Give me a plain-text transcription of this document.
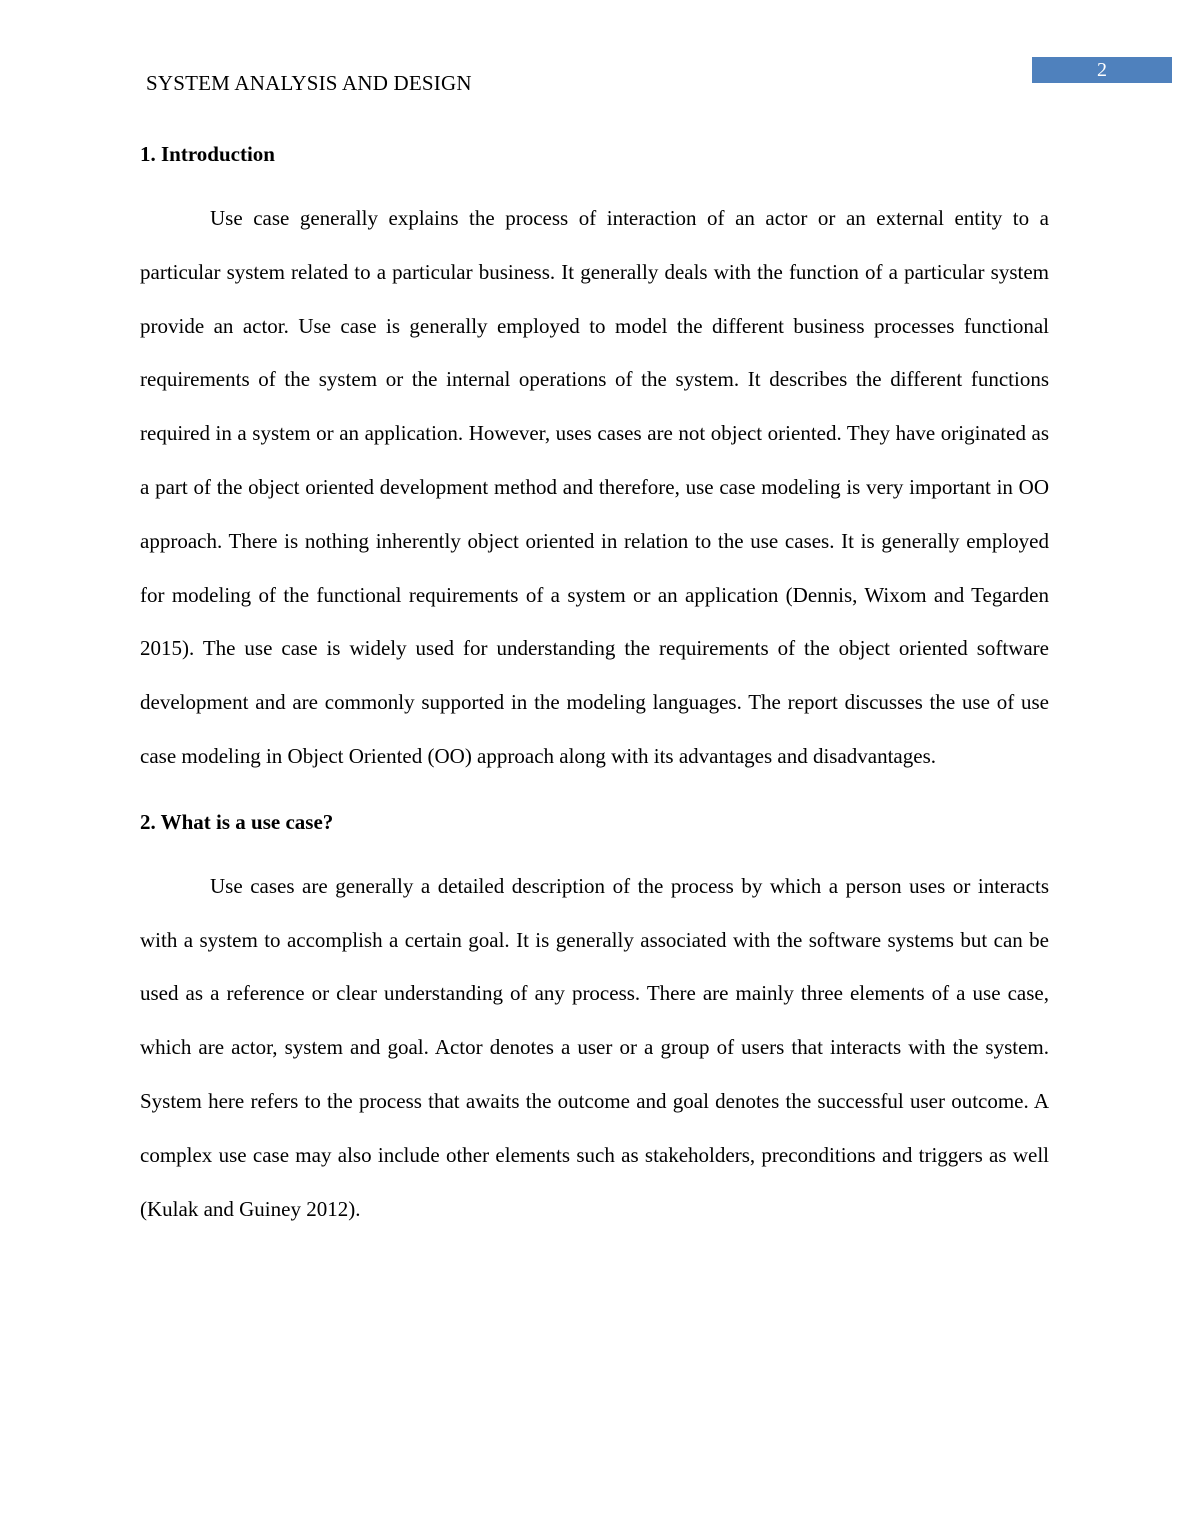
SYSTEM ANALYSIS AND DESIGN
2
1. Introduction

Use case generally explains the process of interaction of an actor or an external entity to a particular system related to a particular business. It generally deals with the function of a particular system provide an actor. Use case is generally employed to model the different business processes functional requirements of the system or the internal operations of the system. It describes the different functions required in a system or an application. However, uses cases are not object oriented. They have originated as a part of the object oriented development method and therefore, use case modeling is very important in OO approach. There is nothing inherently object oriented in relation to the use cases. It is generally employed for modeling of the functional requirements of a system or an application (Dennis, Wixom and Tegarden 2015). The use case is widely used for understanding the requirements of the object oriented software development and are commonly supported in the modeling languages. The report discusses the use of use case modeling in Object Oriented (OO) approach along with its advantages and disadvantages.

2. What is a use case?

Use cases are generally a detailed description of the process by which a person uses or interacts with a system to accomplish a certain goal. It is generally associated with the software systems but can be used as a reference or clear understanding of any process. There are mainly three elements of a use case, which are actor, system and goal. Actor denotes a user or a group of users that interacts with the system. System here refers to the process that awaits the outcome and goal denotes the successful user outcome. A complex use case may also include other elements such as stakeholders, preconditions and triggers as well (Kulak and Guiney 2012).
